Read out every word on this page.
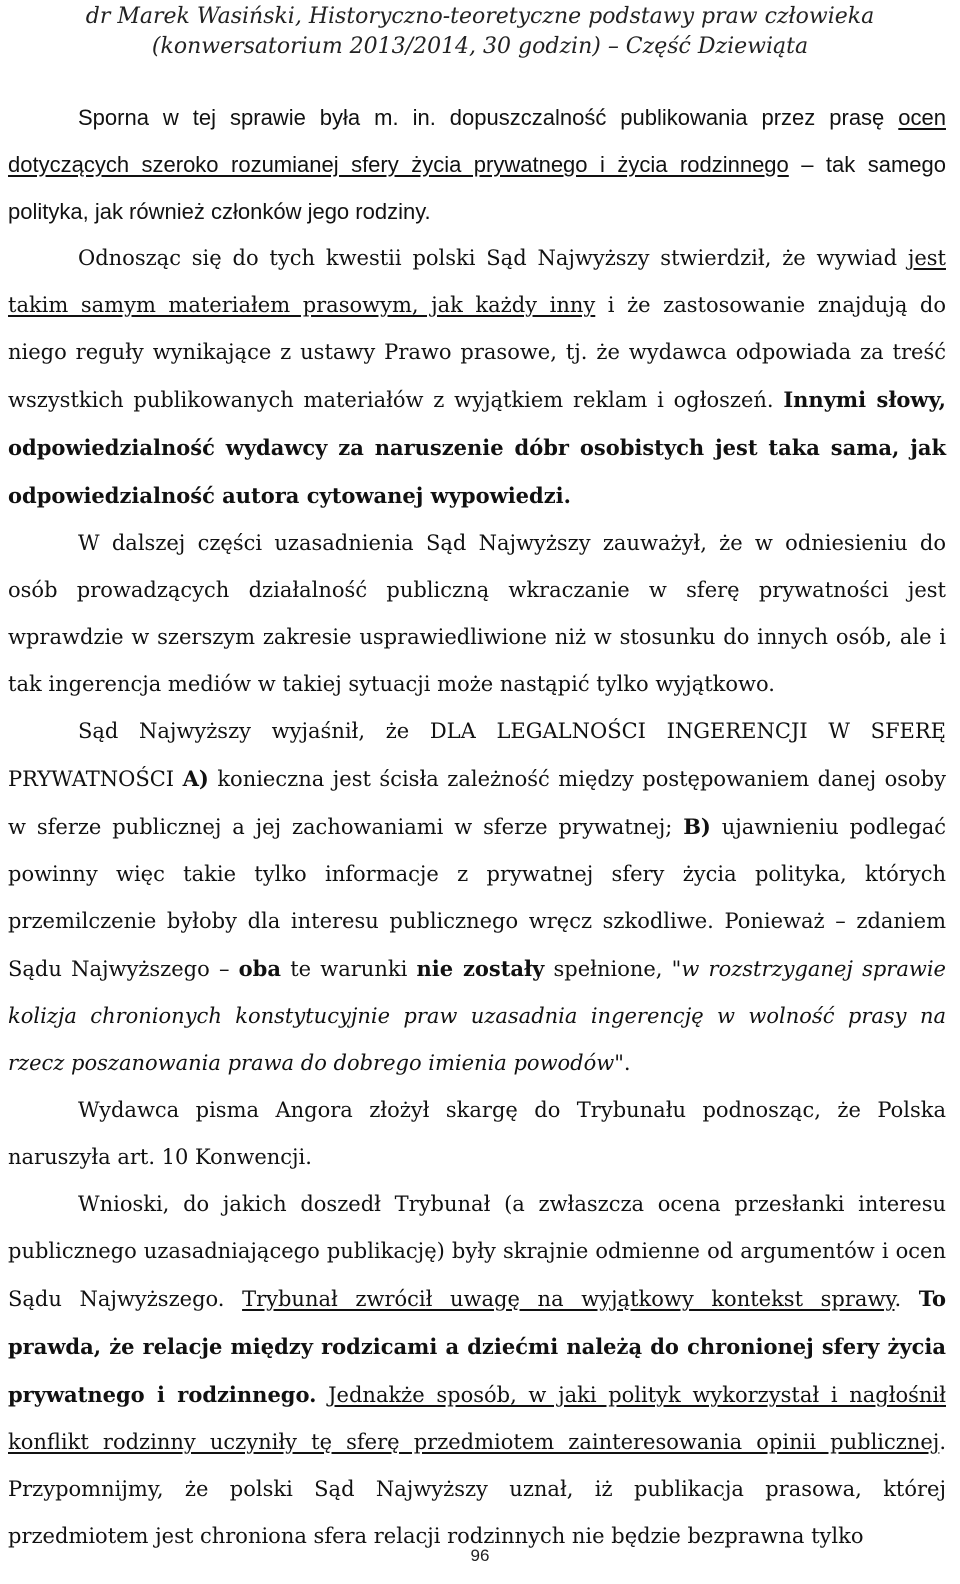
dr Marek Wasiński, Historyczno-teoretyczne podstawy praw człowieka
(konwersatorium 2013/2014, 30 godzin) – Część Dziewiąta

Sporna w tej sprawie była m. in. dopuszczalność publikowania przez prasę ocen dotyczących szeroko rozumianej sfery życia prywatnego i życia rodzinnego – tak samego polityka, jak również członków jego rodziny.

Odnosząc się do tych kwestii polski Sąd Najwyższy stwierdził, że wywiad jest takim samym materiałem prasowym, jak każdy inny i że zastosowanie znajdują do niego reguły wynikające z ustawy Prawo prasowe, tj. że wydawca odpowiada za treść wszystkich publikowanych materiałów z wyjątkiem reklam i ogłoszeń. Innymi słowy, odpowiedzialność wydawcy za naruszenie dóbr osobistych jest taka sama, jak odpowiedzialność autora cytowanej wypowiedzi.

W dalszej części uzasadnienia Sąd Najwyższy zauważył, że w odniesieniu do osób prowadzących działalność publiczną wkraczanie w sferę prywatności jest wprawdzie w szerszym zakresie usprawiedliwione niż w stosunku do innych osób, ale i tak ingerencja mediów w takiej sytuacji może nastąpić tylko wyjątkowo.

Sąd Najwyższy wyjaśnił, że DLA LEGALNOŚCI INGERENCJI W SFERĘ PRYWATNOŚCI A) konieczna jest ścisła zależność między postępowaniem danej osoby w sferze publicznej a jej zachowaniami w sferze prywatnej; B) ujawnieniu podlegać powinny więc takie tylko informacje z prywatnej sfery życia polityka, których przemilczenie byłoby dla interesu publicznego wręcz szkodliwe. Ponieważ – zdaniem Sądu Najwyższego – oba te warunki nie zostały spełnione, "w rozstrzyganej sprawie kolizja chronionych konstytucyjnie praw uzasadnia ingerencję w wolność prasy na rzecz poszanowania prawa do dobrego imienia powodów".

Wydawca pisma Angora złożył skargę do Trybunału podnosząc, że Polska naruszyła art. 10 Konwencji.

Wnioski, do jakich doszedł Trybunał (a zwłaszcza ocena przesłanki interesu publicznego uzasadniającego publikację) były skrajnie odmienne od argumentów i ocen Sądu Najwyższego. Trybunał zwrócił uwagę na wyjątkowy kontekst sprawy. To prawda, że relacje między rodzicami a dziećmi należą do chronionej sfery życia prywatnego i rodzinnego. Jednakże sposób, w jaki polityk wykorzystał i nagłośnił konflikt rodzinny uczyniły tę sferę przedmiotem zainteresowania opinii publicznej. Przypomnijmy, że polski Sąd Najwyższy uznał, iż publikacja prasowa, której przedmiotem jest chroniona sfera relacji rodzinnych nie będzie bezprawna tylko

96
